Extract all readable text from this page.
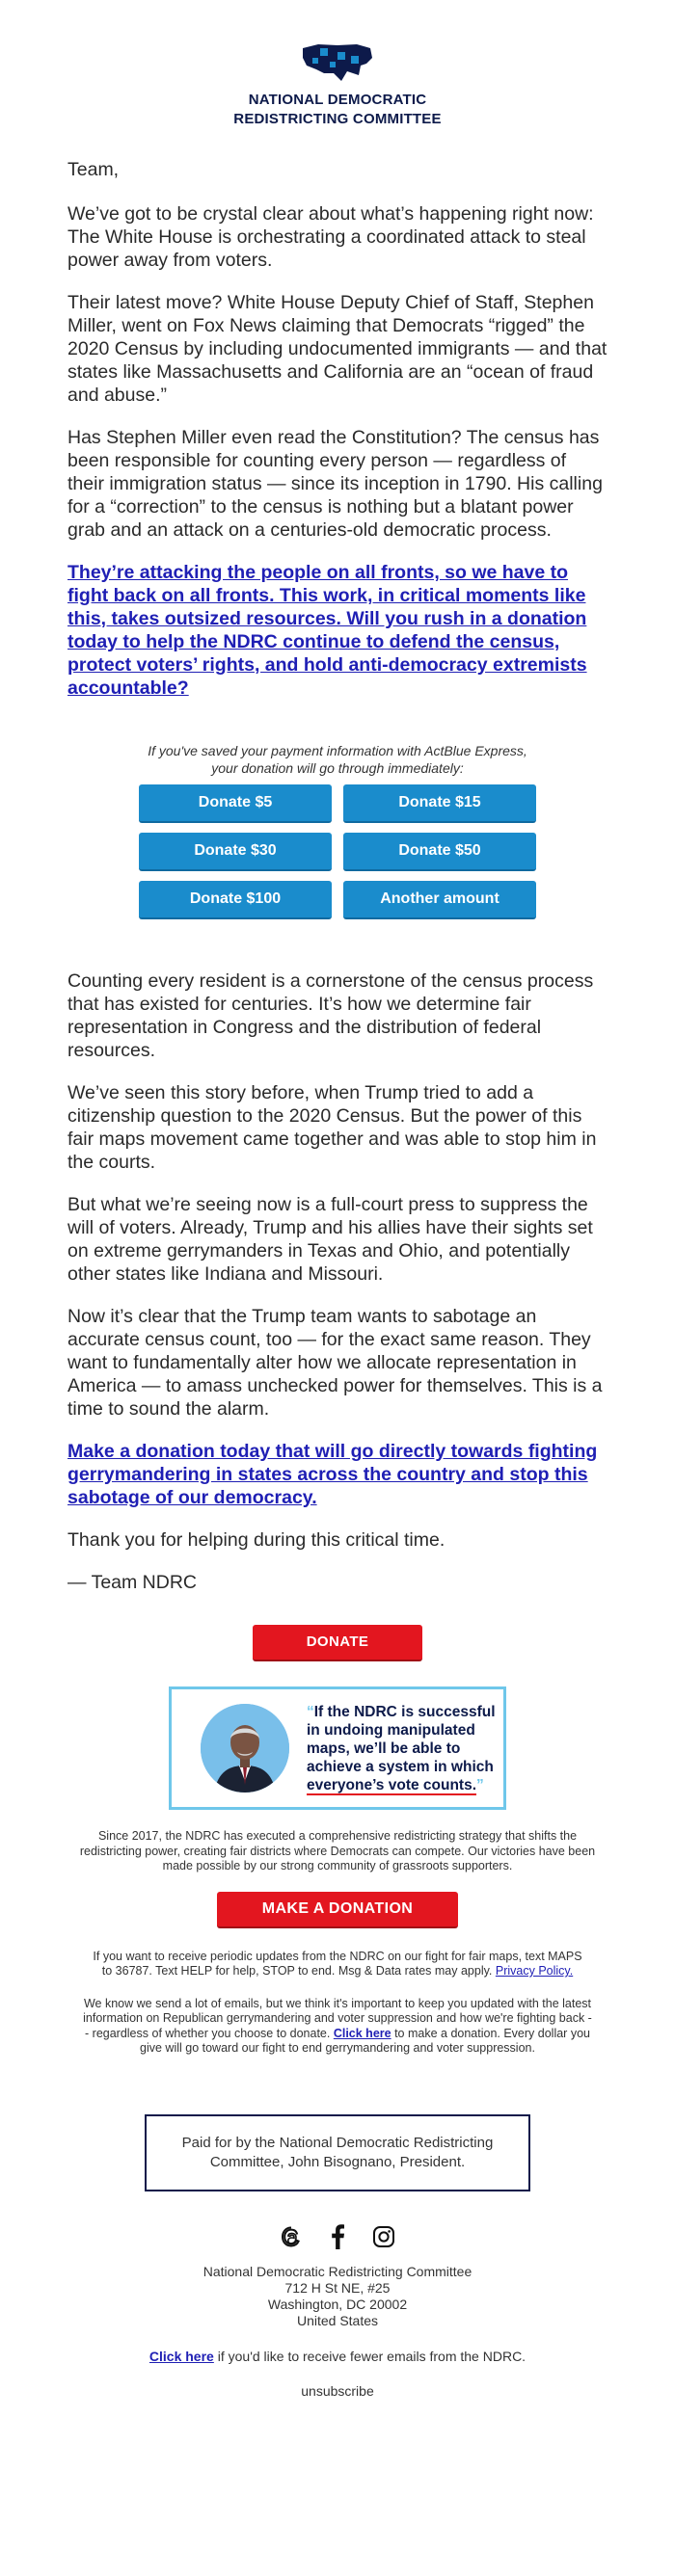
NATIONAL DEMOCRATIC
REDISTRICTING COMMITTEE

Team,

We’ve got to be crystal clear about what’s happening right now: The White House is orchestrating a coordinated attack to steal power away from voters.

Their latest move? White House Deputy Chief of Staff, Stephen Miller, went on Fox News claiming that Democrats “rigged” the 2020 Census by including undocumented immigrants — and that states like Massachusetts and California are an “ocean of fraud and abuse.”

Has Stephen Miller even read the Constitution? The census has been responsible for counting every person — regardless of their immigration status — since its inception in 1790. His calling for a “correction” to the census is nothing but a blatant power grab and an attack on a centuries-old democratic process.

They’re attacking the people on all fronts, so we have to fight back on all fronts. This work, in critical moments like this, takes outsized resources. Will you rush in a donation today to help the NDRC continue to defend the census, protect voters’ rights, and hold anti-democracy extremists accountable?
If you've saved your payment information with ActBlue Express, your donation will go through immediately:
Donate $5	Donate $15
Donate $30	Donate $50
Donate $100	Another amount

Counting every resident is a cornerstone of the census process that has existed for centuries. It’s how we determine fair representation in Congress and the distribution of federal resources.

We’ve seen this story before, when Trump tried to add a citizenship question to the 2020 Census. But the power of this fair maps movement came together and was able to stop him in the courts.

But what we’re seeing now is a full-court press to suppress the will of voters. Already, Trump and his allies have their sights set on extreme gerrymanders in Texas and Ohio, and potentially other states like Indiana and Missouri.

Now it’s clear that the Trump team wants to sabotage an accurate census count, too — for the exact same reason. They want to fundamentally alter how we allocate representation in America — to amass unchecked power for themselves. This is a time to sound the alarm.

Make a donation today that will go directly towards fighting gerrymandering in states across the country and stop this sabotage of our democracy.

Thank you for helping during this critical time.

— Team NDRC

DONATE
“If the NDRC is successful in undoing manipulated maps, we’ll be able to achieve a system in which everyone’s vote counts.”
Since 2017, the NDRC has executed a comprehensive redistricting strategy that shifts the redistricting power, creating fair districts where Democrats can compete. Our victories have been made possible by our strong community of grassroots supporters.
MAKE A DONATION
If you want to receive periodic updates from the NDRC on our fight for fair maps, text MAPS to 36787. Text HELP for help, STOP to end. Msg & Data rates may apply. Privacy Policy.
We know we send a lot of emails, but we think it's important to keep you updated with the latest information on Republican gerrymandering and voter suppression and how we're fighting back -- regardless of whether you choose to donate. Click here to make a donation. Every dollar you give will go toward our fight to end gerrymandering and voter suppression.
Paid for by the National Democratic Redistricting Committee, John Bisognano, President.

National Democratic Redistricting Committee
712 H St NE, #25
Washington, DC 20002
United States
Click here if you'd like to receive fewer emails from the NDRC.
unsubscribe
